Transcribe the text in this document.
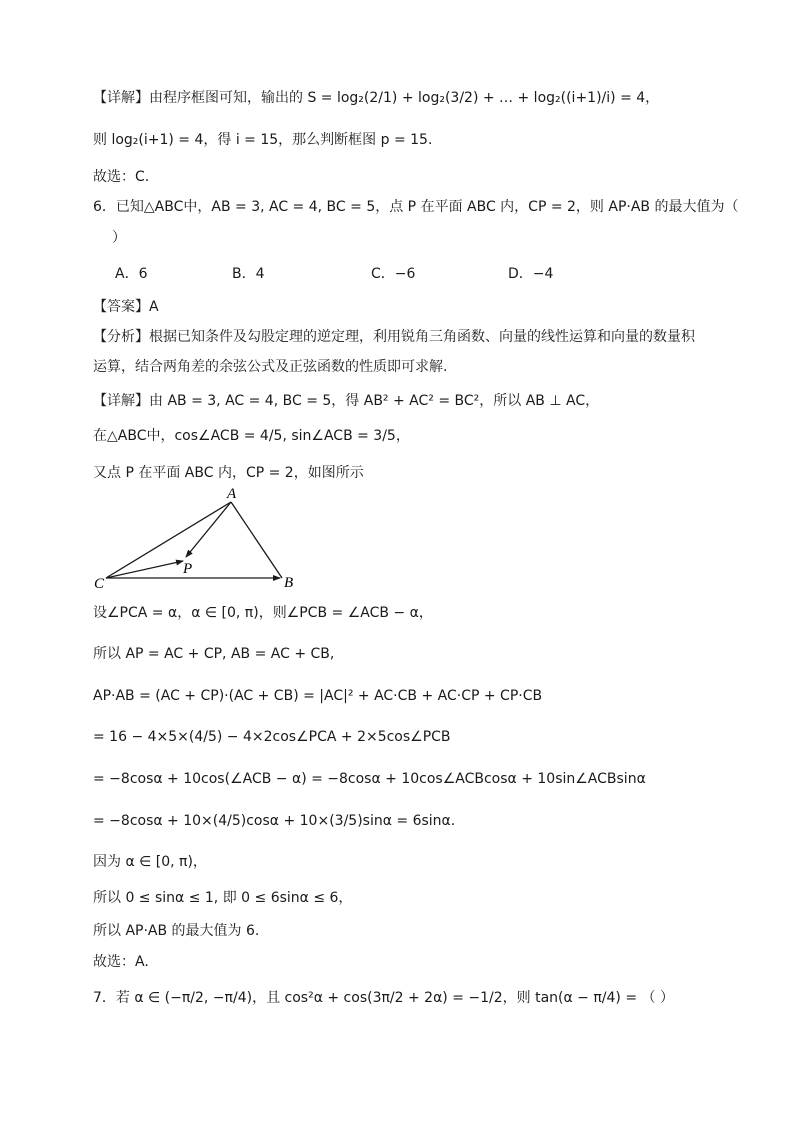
【详解】由程序框图可知，输出的 S = log₂(2/1) + log₂(3/2) + … + log₂((i+1)/i) = 4，
则 log₂(i+1) = 4，得 i = 15，那么判断框图 p = 15.
故选：C.
6．已知△ABC中，AB = 3, AC = 4, BC = 5，点 P 在平面 ABC 内，CP = 2，则 AP·AB 的最大值为（
）
A．6	B．4	C．−6	D．−4
【答案】A
【分析】根据已知条件及勾股定理的逆定理，利用锐角三角函数、向量的线性运算和向量的数量积
运算，结合两角差的余弦公式及正弦函数的性质即可求解.
【详解】由 AB = 3, AC = 4, BC = 5，得 AB² + AC² = BC²，所以 AB ⊥ AC，
在△ABC中，cos∠ACB = 4/5, sin∠ACB = 3/5，
又点 P 在平面 ABC 内，CP = 2，如图所示
A
B
C
P
设∠PCA = α，α ∈ [0, π)，则∠PCB = ∠ACB − α，
所以 AP = AC + CP, AB = AC + CB,
AP·AB = (AC + CP)·(AC + CB) = |AC|² + AC·CB + AC·CP + CP·CB
= 16 − 4×5×(4/5) − 4×2cos∠PCA + 2×5cos∠PCB
= −8cosα + 10cos(∠ACB − α) = −8cosα + 10cos∠ACBcosα + 10sin∠ACBsinα
= −8cosα + 10×(4/5)cosα + 10×(3/5)sinα = 6sinα.
因为 α ∈ [0, π)，
所以 0 ≤ sinα ≤ 1, 即 0 ≤ 6sinα ≤ 6，
所以 AP·AB 的最大值为 6.
故选：A.
7．若 α ∈ (−π/2, −π/4)，且 cos²α + cos(3π/2 + 2α) = −1/2，则 tan(α − π/4) = （ ）
